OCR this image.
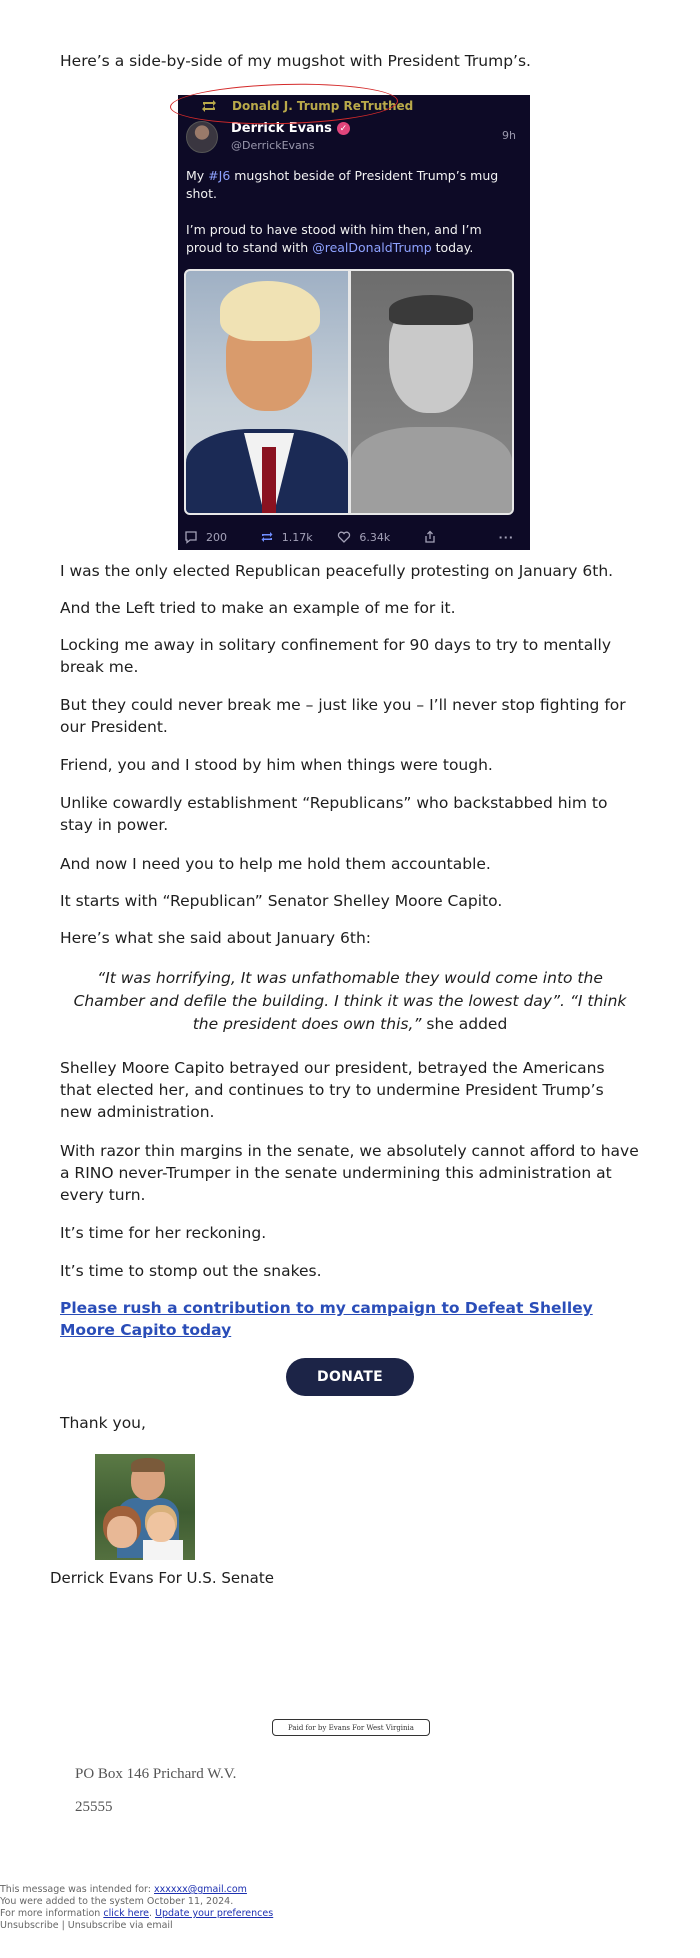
Here’s a side-by-side of my mugshot with President Trump’s.
Donald J. Trump ReTruthed
Derrick Evans ✓
@DerrickEvans
9h
My #J6 mugshot beside of President Trump’s mug shot.

I’m proud to have stood with him then, and I’m proud to stand with @realDonaldTrump today.
200	1.17k	6.34k	···
I was the only elected Republican peacefully protesting on January 6th.
And the Left tried to make an example of me for it.
Locking me away in solitary confinement for 90 days to try to mentally break me.
But they could never break me – just like you – I’ll never stop fighting for our President.
Friend, you and I stood by him when things were tough.
Unlike cowardly establishment “Republicans” who backstabbed him to stay in power.
And now I need you to help me hold them accountable.
It starts with “Republican” Senator Shelley Moore Capito.
Here’s what she said about January 6th:
“It was horrifying, It was unfathomable they would come into the Chamber and defile the building. I think it was the lowest day”. “I think the president does own this,” she added
Shelley Moore Capito betrayed our president, betrayed the Americans that elected her, and continues to try to undermine President Trump’s new administration.
With razor thin margins in the senate, we absolutely cannot afford to have a RINO never-Trumper in the senate undermining this administration at every turn.
It’s time for her reckoning.
It’s time to stomp out the snakes.
Please rush a contribution to my campaign to Defeat Shelley Moore Capito today
DONATE
Thank you,
Derrick Evans For U.S. Senate
Paid for by Evans For West Virginia
PO Box 146 Prichard W.V.
25555
This message was intended for: xxxxxx@gmail.com
You were added to the system October 11, 2024.
For more information click here. Update your preferences
Unsubscribe | Unsubscribe via email
